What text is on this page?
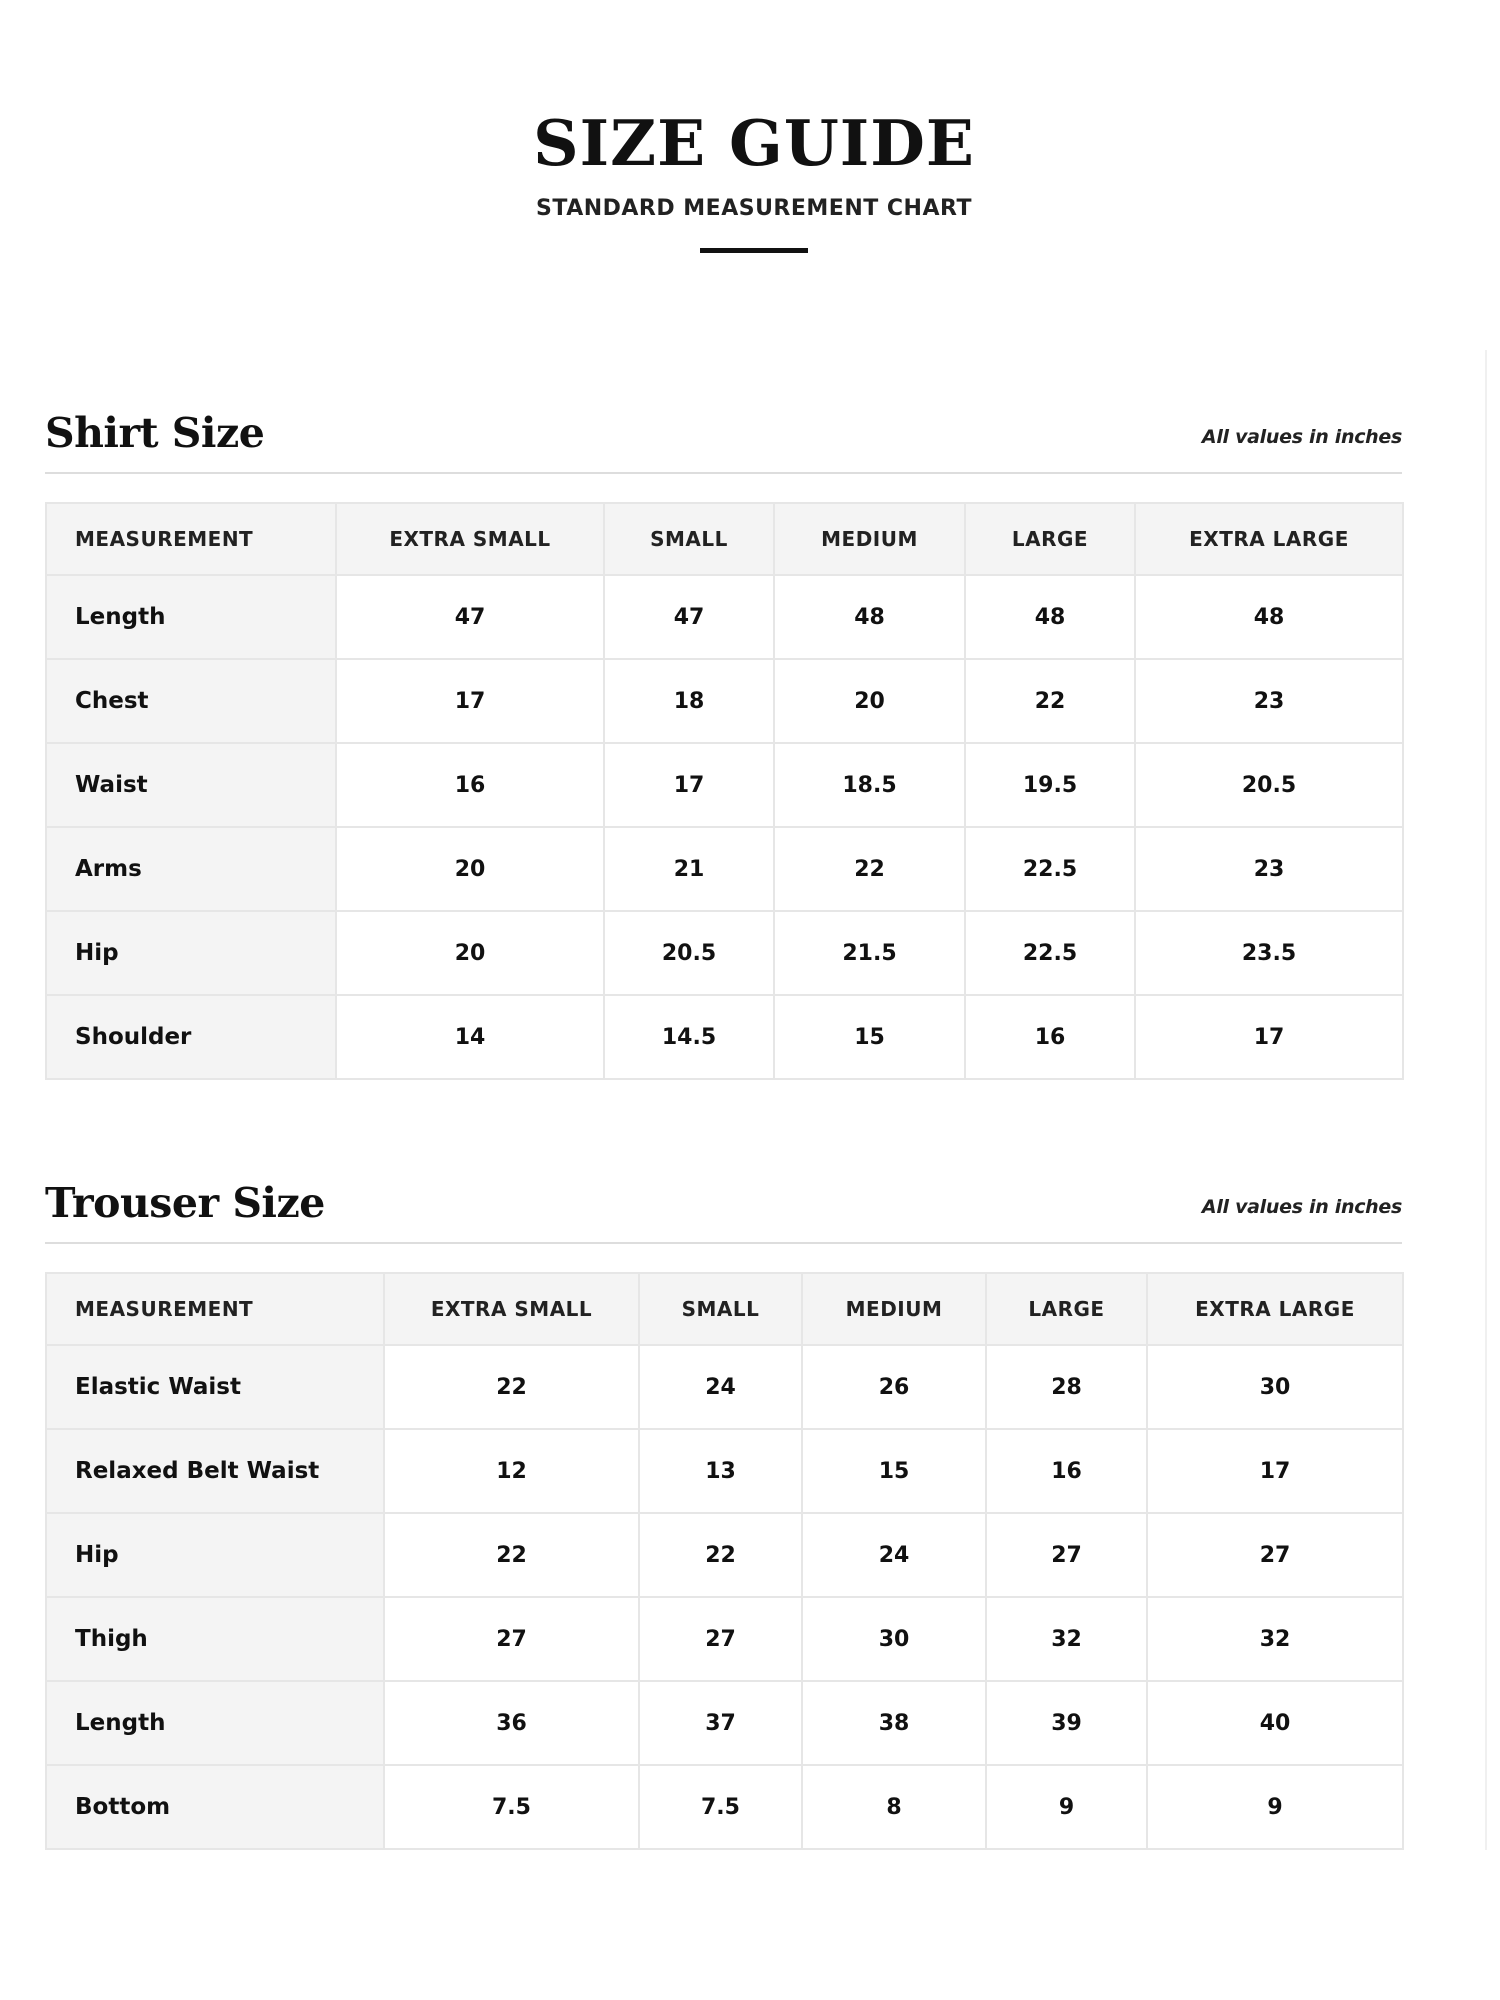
SIZE GUIDE
STANDARD MEASUREMENT CHART
Shirt Size	All values in inches
MEASUREMENT	EXTRA SMALL	SMALL	MEDIUM	LARGE	EXTRA LARGE
Length	47	47	48	48	48
Chest	17	18	20	22	23
Waist	16	17	18.5	19.5	20.5
Arms	20	21	22	22.5	23
Hip	20	20.5	21.5	22.5	23.5
Shoulder	14	14.5	15	16	17
Trouser Size	All values in inches
MEASUREMENT	EXTRA SMALL	SMALL	MEDIUM	LARGE	EXTRA LARGE
Elastic Waist	22	24	26	28	30
Relaxed Belt Waist	12	13	15	16	17
Hip	22	22	24	27	27
Thigh	27	27	30	32	32
Length	36	37	38	39	40
Bottom	7.5	7.5	8	9	9
